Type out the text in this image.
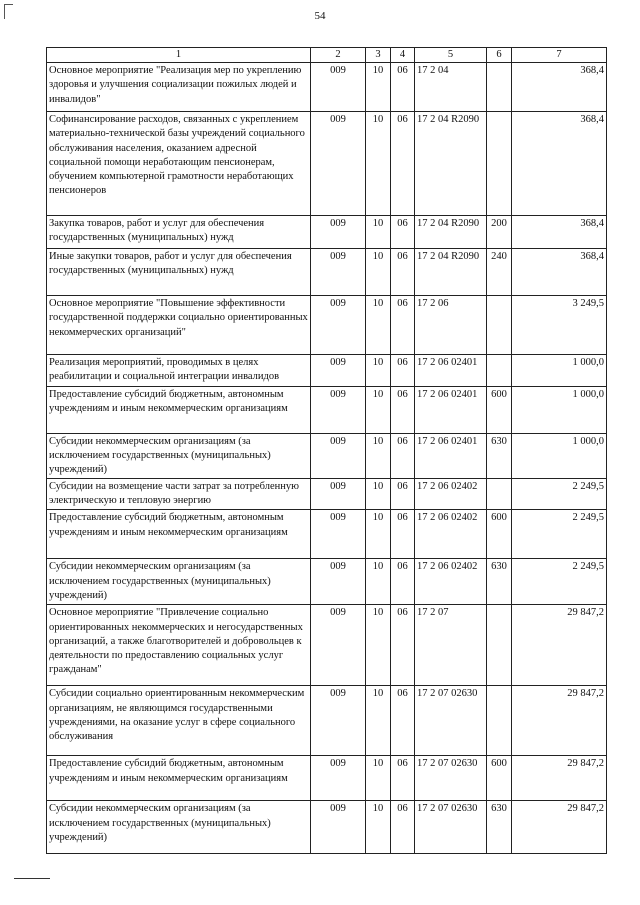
54
1	2	3	4	5	6	7
Основное мероприятие "Реализация мер по укреплению здоровья и улучшения социализации пожилых людей и инвалидов"	009	10	06	17 2 04		368,4
Софинансирование расходов, связанных с укреплением материально-технической базы учреждений социального обслуживания населения, оказанием адресной социальной помощи неработающим пенсионерам, обучением компьютерной грамотности неработающих пенсионеров	009	10	06	17 2 04 R2090		368,4
Закупка товаров, работ и услуг для обеспечения государственных (муниципальных) нужд	009	10	06	17 2 04 R2090	200	368,4
Иные закупки товаров, работ и услуг для обеспечения государственных (муниципальных) нужд	009	10	06	17 2 04 R2090	240	368,4
Основное мероприятие "Повышение эффективности государственной поддержки социально ориентированных некоммерческих организаций"	009	10	06	17 2 06		3 249,5
Реализация мероприятий, проводимых в целях реабилитации и социальной интеграции инвалидов	009	10	06	17 2 06 02401		1 000,0
Предоставление субсидий бюджетным, автономным учреждениям и иным некоммерческим организациям	009	10	06	17 2 06 02401	600	1 000,0
Субсидии некоммерческим организациям (за исключением государственных (муниципальных) учреждений)	009	10	06	17 2 06 02401	630	1 000,0
Субсидии на возмещение части затрат за потребленную электрическую и тепловую энергию	009	10	06	17 2 06 02402		2 249,5
Предоставление субсидий бюджетным, автономным учреждениям и иным некоммерческим организациям	009	10	06	17 2 06 02402	600	2 249,5
Субсидии некоммерческим организациям (за исключением государственных (муниципальных) учреждений)	009	10	06	17 2 06 02402	630	2 249,5
Основное мероприятие "Привлечение социально ориентированных некоммерческих и негосударственных организаций, а также благотворителей и добровольцев к деятельности по предоставлению социальных услуг гражданам"	009	10	06	17 2 07		29 847,2
Субсидии социально ориентированным некоммерческим организациям, не являющимся государственными учреждениями, на оказание услуг в сфере социального обслуживания	009	10	06	17 2 07 02630		29 847,2
Предоставление субсидий бюджетным, автономным учреждениям и иным некоммерческим организациям	009	10	06	17 2 07 02630	600	29 847,2
Субсидии некоммерческим организациям (за исключением государственных (муниципальных) учреждений)	009	10	06	17 2 07 02630	630	29 847,2
